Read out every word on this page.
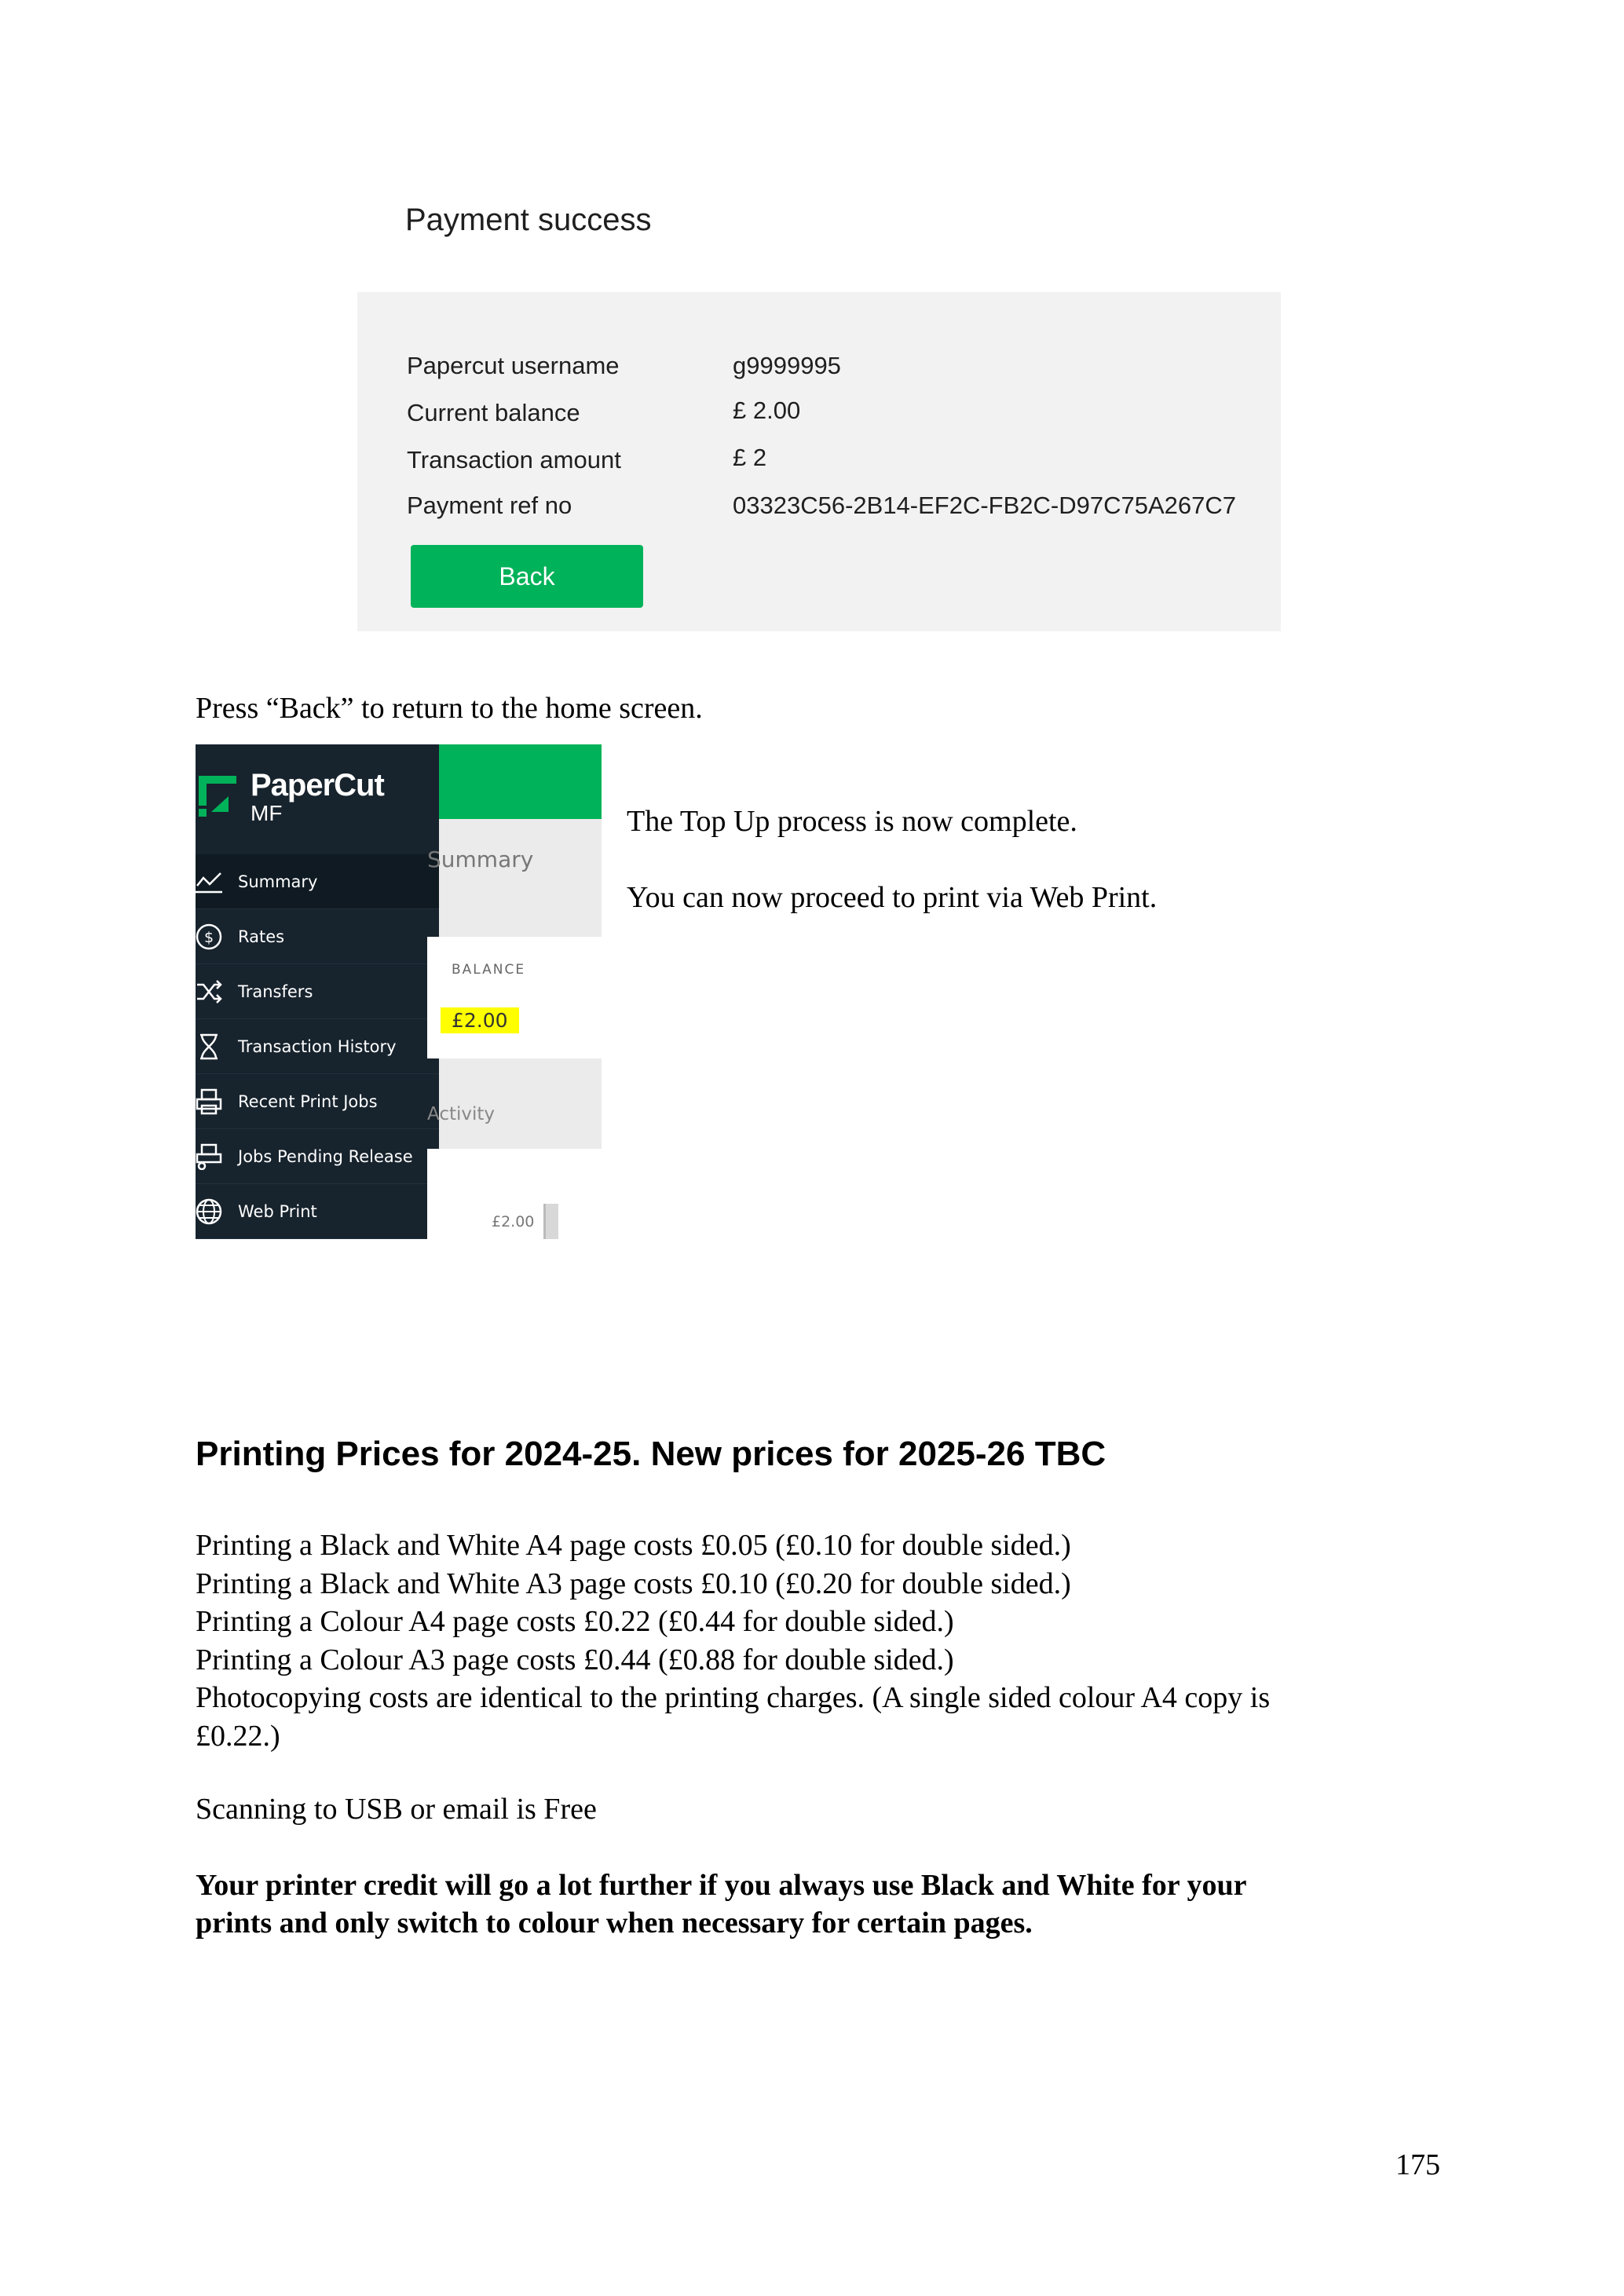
Payment success
Papercut username	g9999995
Current balance	£ 2.00
Transaction amount	£ 2
Payment ref no	03323C56-2B14-EF2C-FB2C-D97C75A267C7
Back
Press “Back” to return to the home screen.
PaperCut
MF
Summary
$ Rates
Transfers
Transaction History
Recent Print Jobs
Jobs Pending Release
Web Print
Summary
BALANCE
£2.00
Activity
£2.00
The Top Up process is now complete.
You can now proceed to print via Web Print.
Printing Prices for 2024-25. New prices for 2025-26 TBC
Printing a Black and White A4 page costs £0.05 (£0.10 for double sided.)
Printing a Black and White A3 page costs £0.10 (£0.20 for double sided.)
Printing a Colour A4 page costs £0.22 (£0.44 for double sided.)
Printing a Colour A3 page costs £0.44 (£0.88 for double sided.)
Photocopying costs are identical to the printing charges. (A single sided colour A4 copy is
£0.22.)
Scanning to USB or email is Free
Your printer credit will go a lot further if you always use Black and White for your
prints and only switch to colour when necessary for certain pages.
175
